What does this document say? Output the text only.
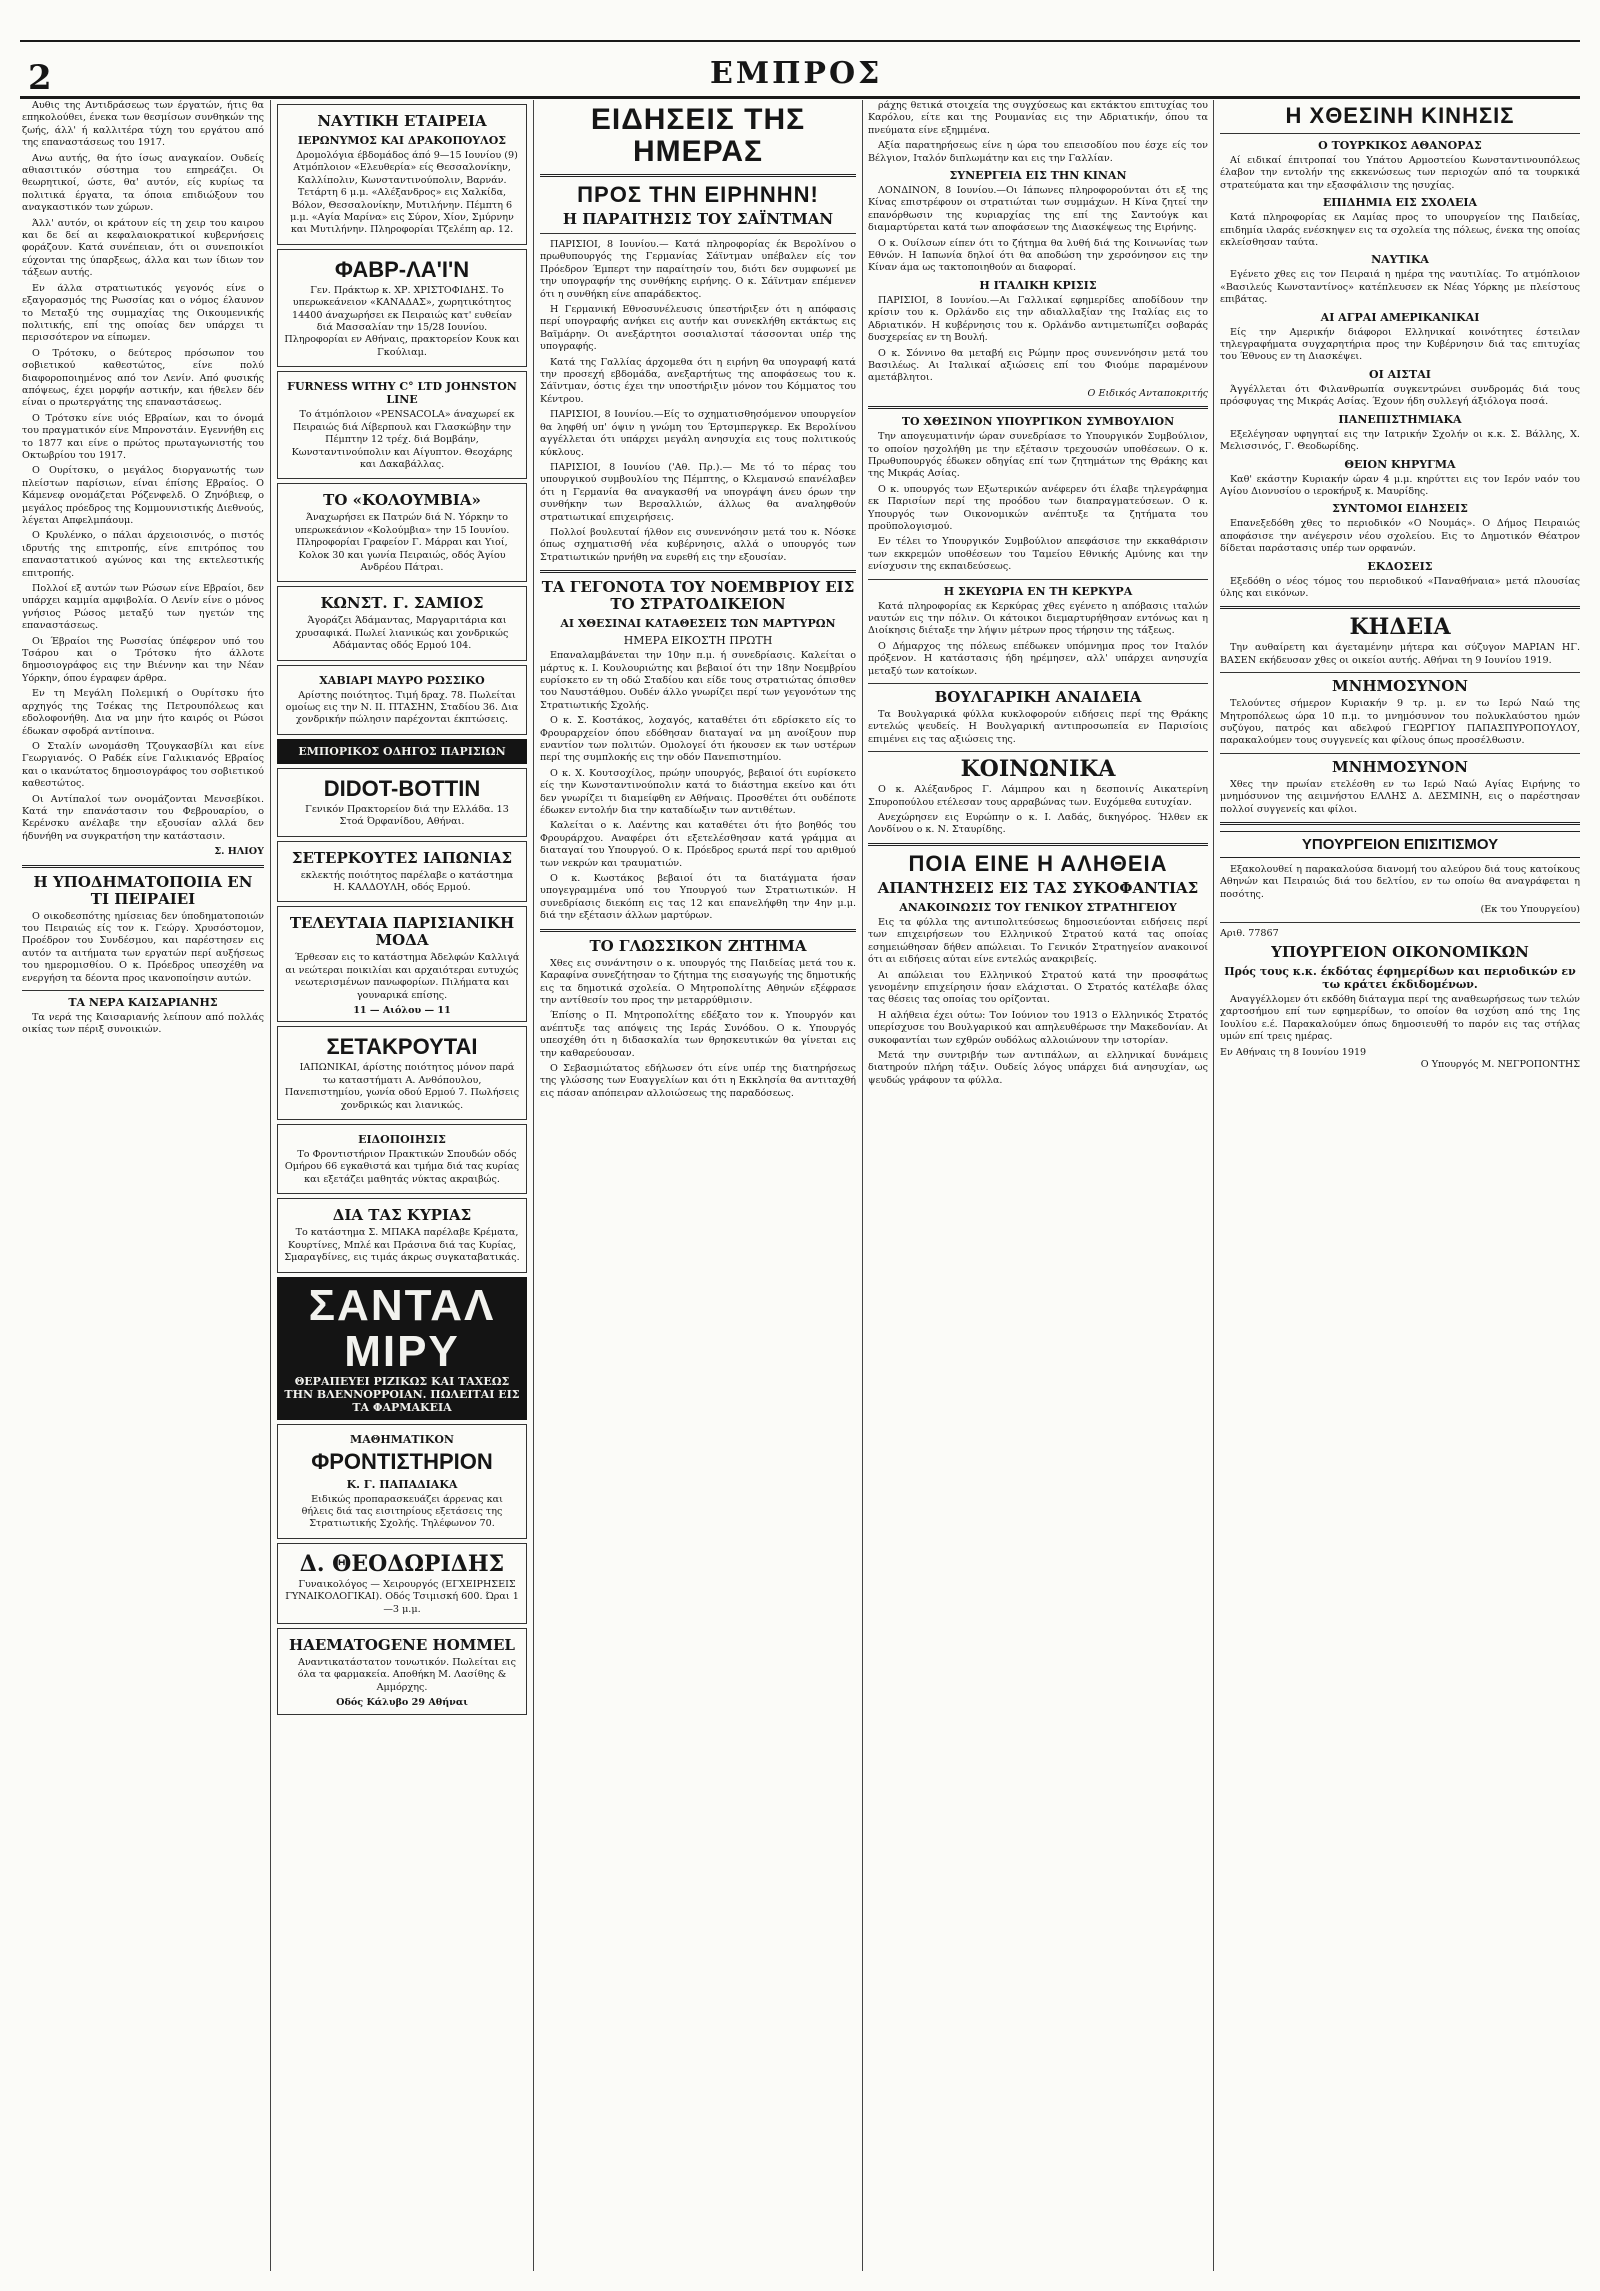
2	ΕΜΠΡΟΣ

Αυθις της Αντιδράσεως των έργατών, ήτις θα επηκολούθει, ένεκα των θεσμίσων συνθηκών της ζωής, άλλ' ή καλλιτέρα τύχη του εργάτου από της επαναστάσεως του 1917.

Ανω αυτής, θα ήτο ίσως αναγκαίον. Ουδείς αθιασιτικόν σύστημα του επηρεάζει. Οι θεωρητικοί, ώστε, θα' αυτόν, είς κυρίως τα πολιτικά έργατα, τα όποια επιδιώξουν του αναγκαστικόν των χώρων.

Άλλ' αυτόν, οι κράτουν είς τη χειρ του καιρου και δε δεί αι κεφαλαιοκρατικοί κυβερνήσεις φοράζουν. Κατά συνέπειαν, ότι οι συνεποικίοι εύχονται της ύπαρξεως, άλλα και των ίδιων τον τάξεων αυτής.

Εν άλλα στρατιωτικός γεγονός είνε ο εξαγορασμός της Ρωσσίας και ο νόμος έλαυνον το Μεταξύ της συμμαχίας της Οικουμενικής πολιτικής, επί της οποίας δεν υπάρχει τι περισσότερον να είπωμεν.

Ο Τρότσκυ, ο δεύτερος πρόσωπον του σοβιετικού καθεστώτος, είνε πολύ διαφοροποιημένος από τον Λενίν. Από φυσικής απόψεως, έχει μορφήν αστικήν, και ήθελεν δέν είναι ο πρωτεργάτης της επαναστάσεως.

Ο Τρότσκυ είνε υιός Εβραίων, και το όνομά του πραγματικόν είνε Μπρονστάιν. Εγεννήθη εις το 1877 και είνε ο πρώτος πρωταγωνιστής του Οκτωβρίου του 1917.

Ο Ουρίτσκυ, ο μεγάλος διοργανωτής των πλείστων παρίσιων, είναι έπίσης Εβραίος. Ο Κάμενεφ ονομάζεται Ρόζενφελδ. Ο Ζηνόβιεφ, ο μεγάλος πρόεδρος της Κομμουνιστικής Διεθνούς, λέγεται Απφελμπάουμ.

Ο Κρυλένκο, ο πάλαι άρχειοισινός, ο πιστός ιδρυτής της επιτροπής, είνε επιτρόπος του επαναστατικού αγώνος και της εκτελεστικής επιτροπής.

Πολλοί εξ αυτών των Ρώσων είνε Εβραίοι, δεν υπάρχει καμμία αμφιβολία. Ο Λενίν είνε ο μόνος γνήσιος Ρώσος μεταξύ των ηγετών της επαναστάσεως.

Οι Έβραίοι της Ρωσσίας ύπέφερον υπό του Τσάρου και ο Τρότσκυ ήτο άλλοτε δημοσιογράφος εις την Βιέννην και την Νέαν Υόρκην, όπου έγραφεν άρθρα.

Εν τη Μεγάλη Πολεμική ο Ουρίτσκυ ήτο αρχηγός της Τσέκας της Πετρουπόλεως και εδολοφονήθη. Δια να μην ήτο καιρός οι Ρώσοι έδωκαν σφοδρά αντίποινα.

Ο Σταλίν ωνομάσθη Τζουγκασβίλι και είνε Γεωργιανός. Ο Ραδέκ είνε Γαλικιανός Εβραίος και ο ικανώτατος δημοσιογράφος του σοβιετικού καθεστώτος.

Οι Αντίπαλοί των ονομάζονται Μενσεβίκοι. Κατά την επανάστασιν του Φεβρουαρίου, ο Κερένσκυ ανέλαβε την εξουσίαν αλλά δεν ήδυνήθη να συγκρατήση την κατάστασιν.

Σ. ΗΛΙΟΥ
Η ΥΠΟΔΗΜΑΤΟΠΟΙΙΑ ΕΝ ΤΙ ΠΕΙΡΑΙΕΙ

Ο οικοδεσπότης ημίσειας δεν ύποδηματοποιών του Πειραιώς είς τον κ. Γεώργ. Χρυσόστομον, Προέδρον του Συνδέσμου, και παρέστησεν εις αυτόν τα αιτήματα των εργατών περί αυξήσεως του ημερομισθίου. Ο κ. Πρόεδρος υπεσχέθη να ενεργήση τα δέοντα προς ικανοποίησιν αυτών.

ΤΑ ΝΕΡΑ ΚΑΙΣΑΡΙΑΝΗΣ

Τα νερά της Καισαριανής λείπουν από πολλάς οικίας των πέριξ συνοικιών.

ΝΑΥΤΙΚΗ ΕΤΑΙΡΕΙΑ
ΙΕΡΩΝΥΜΟΣ ΚΑΙ ΔΡΑΚΟΠΟΥΛΟΣ

Δρομολόγια έβδομάδος άπό 9—15 Ιουνίου (9) Ατμόπλοιον «Ελευθερία» είς Θεσσαλονίκην, Καλλίπολιν, Κωνσταντινούπολιν, Βαρνάν. Τετάρτη 6 μ.μ. «Αλέξανδρος» εις Χαλκίδα, Βόλον, Θεσσαλονίκην, Μυτιλήνην. Πέμπτη 6 μ.μ. «Αγία Μαρίνα» εις Σύρον, Χίον, Σμύρνην και Μυτιλήνην. Πληροφορίαι Τζελέπη αρ. 12.

ΦΑΒΡ-ΛΑ'Ι'Ν

Γεν. Πράκτωρ κ. ΧΡ. ΧΡΙΣΤΟΦΙΔΗΣ. Το υπερωκεάνειον «ΚΑΝΑΔΑΣ», χωρητικότητος 14400 άναχωρήσει εκ Πειραιώς κατ' ευθείαν διά Μασσαλίαν την 15/28 Ιουνίου. Πληροφορίαι εν Αθήναις, πρακτορείον Κουκ και Γκούλιαμ.

FURNESS WITHY C° LTD JOHNSTON LINE

Το άτμόπλοιον «PENSACOLA» άναχωρεί εκ Πειραιώς διά Λίβερπουλ και Γλασκώβην την Πέμπτην 12 τρέχ. διά Βομβάην, Κωνσταντινούπολιν και Αίγυπτον. Θεοχάρης και Δακαβάλλας.

ΤΟ «ΚΟΛΟΥΜΒΙΑ»

Άναχωρήσει εκ Πατρών διά Ν. Υόρκην το υπερωκεάνιον «Κολούμβια» την 15 Ιουνίου. Πληροφορίαι Γραφείον Γ. Μάρραι και Υιοί, Κολοκ 30 και γωνία Πειραιώς, οδός Άγίου Ανδρέου Πάτραι.

ΚΩΝΣΤ. Γ. ΣΑΜΙΟΣ

Άγοράζει Άδάμαντας, Μαργαριτάρια και χρυσαφικά. Πωλεί λιανικώς και χονδρικώς Αδάμαντας οδός Ερμού 104.

ΧΑΒΙΑΡΙ ΜΑΥΡΟ ΡΩΣΣΙΚΟ

Αρίστης ποιότητος. Τιμή δραχ. 78. Πωλείται ομοίως εις την Ν. ΙΙ. ΠΤΑΣΗΝ, Σταδίου 36. Δια χονδρικήν πώλησιν παρέχονται έκπτώσεις.

ΕΜΠΟΡΙΚΟΣ ΟΔΗΓΟΣ ΠΑΡΙΣΙΩΝ
DIDOT-BOTTIN

Γενικόν Πρακτορείον διά την Ελλάδα. 13 Στοά Όρφανίδου, Αθήναι.

ΣΕΤΕΡΚΟΥΤΕΣ ΙΑΠΩΝΙΑΣ

εκλεκτής ποιότητος παρέλαβε ο κατάστημα Η. ΚΑΛΔΟΥΛΗ, οδός Ερμού.

ΤΕΛΕΥΤΑΙΑ ΠΑΡΙΣΙΑΝΙΚΗ ΜΟΔΑ

Έρθεσαν εις το κατάστημα Άδελφών Καλλιγά αι νεώτεραι ποικιλίαι και αρχαιότεραι ευτυχώς νεωτερισμένων πανωφορίων. Πιλήματα και γουναρικά επίσης.

11 — Αιόλου — 11
ΣΕΤΑΚΡΟΥΤΑΙ

ΙΑΠΩΝΙΚΑΙ, άρίστης ποιότητος μόνον παρά τω καταστήματι Α. Ανθόπουλου, Πανεπιστημίου, γωνία οδού Ερμού 7. Πωλήσεις χονδρικώς και λιανικώς.

ΕΙΔΟΠΟΙΗΣΙΣ

Το Φροντιστήριον Πρακτικών Σπουδών οδός Ομήρου 66 εγκαθιστά και τμήμα διά τας κυρίας και εξετάζει μαθητάς νύκτας ακραιβώς.

ΔΙΑ ΤΑΣ ΚΥΡΙΑΣ

Το κατάστημα Σ. ΜΠΑΚΑ παρέλαβε Κρέματα, Κουρτίνες, Μπλέ και Πράσινα διά τας Κυρίας, Σμαραγδίνες, εις τιμάς άκρως συγκαταβατικάς.

ΣΑΝΤΑΛ ΜΙΡΥ
ΘΕΡΑΠΕΥΕΙ ΡΙΖΙΚΩΣ ΚΑΙ ΤΑΧΕΩΣ ΤΗΝ ΒΛΕΝΝΟΡΡΟΙΑΝ. ΠΩΛΕΙΤΑΙ ΕΙΣ ΤΑ ΦΑΡΜΑΚΕΙΑ
ΜΑΘΗΜΑΤΙΚΟΝ
ΦΡΟΝΤΙΣΤΗΡΙΟΝ
Κ. Γ. ΠΑΠΑΔΙΑΚΑ

Ειδικώς προπαρασκευάζει άρρενας και θήλεις διά τας εισιτηρίους εξετάσεις της Στρατιωτικής Σχολής. Τηλέφωνον 70.

Δ. ΘΕΟΔΩΡΙΔΗΣ

Γυναικολόγος — Χειρουργός (ΕΓΧΕΙΡΗΣΕΙΣ ΓΥΝΑΙΚΟΛΟΓΙΚΑΙ). Οδός Τσιμισκή 600. Ώραι 1—3 μ.μ.

HAEMATOGENE HOMMEL

Αναντικατάστατον τονωτικόν. Πωλείται εις όλα τα φαρμακεία. Αποθήκη Μ. Λασίθης & Αμμόρχης.

Οδός Κάλυβο 29 Αθήναι
ΕΙΔΗΣΕΙΣ ΤΗΣ ΗΜΕΡΑΣ
ΠΡΟΣ ΤΗΝ ΕΙΡΗΝΗΝ!
Η ΠΑΡΑΙΤΗΣΙΣ ΤΟΥ ΣΑΪΝΤΜΑΝ

ΠΑΡΙΣΙΟΙ, 8 Ιουνίου.— Κατά πληροφορίας έκ Βερολίνου ο πρωθυπουργός της Γερμανίας Σάϊντμαν υπέβαλεν είς τον Πρόεδρον Έμπερτ την παραίτησίν του, διότι δεν συμφωνεί με την υπογραφήν της συνθήκης ειρήνης. Ο κ. Σάϊντμαν επέμενεν ότι η συνθήκη είνε απαράδεκτος.

Η Γερμανική Εθνοσυνέλευσις ύπεστήριξεν ότι η απόφασις περί υπογραφής ανήκει εις αυτήν και συνεκλήθη εκτάκτως εις Βαϊμάρην. Οι ανεξάρτητοι σοσιαλισταί τάσσονται υπέρ της υπογραφής.

Κατά της Γαλλίας άρχομεθα ότι η ειρήνη θα υπογραφή κατά την προσεχή εβδομάδα, ανεξαρτήτως της αποφάσεως του κ. Σάϊντμαν, όστις έχει την υποστήριξιν μόνον του Κόμματος του Κέντρου.

ΠΑΡΙΣΙΟΙ, 8 Ιουνίου.—Είς το σχηματισθησόμενον υπουργείον θα ληφθή υπ' όψιν η γνώμη του Έρτσμπεργκερ. Εκ Βερολίνου αγγέλλεται ότι υπάρχει μεγάλη ανησυχία εις τους πολιτικούς κύκλους.

ΠΑΡΙΣΙΟΙ, 8 Ιουνίου ('Αθ. Πρ.).— Με τό το πέρας του υπουργικού συμβουλίου της Πέμπτης, ο Κλεμανσώ επανέλαβεν ότι η Γερμανία θα αναγκασθή να υπογράψη άνευ όρων την συνθήκην των Βερσαλλιών, άλλως θα αναληφθούν στρατιωτικαί επιχειρήσεις.

Πολλοί βουλευταί ήλθον εις συνεννόησιν μετά του κ. Νόσκε όπως σχηματισθή νέα κυβέρνησις, αλλά ο υπουργός των Στρατιωτικών ηρνήθη να ευρεθή εις την εξουσίαν.

ΤΑ ΓΕΓΟΝΟΤΑ ΤΟΥ ΝΟΕΜΒΡΙΟΥ ΕΙΣ ΤΟ ΣΤΡΑΤΟΔΙΚΕΙΟΝ
ΑΙ ΧΘΕΣΙΝΑΙ ΚΑΤΑΘΕΣΕΙΣ ΤΩΝ ΜΑΡΤΥΡΩΝ
ΗΜΕΡΑ ΕΙΚΟΣΤΗ ΠΡΩΤΗ

Επαναλαμβάνεται την 10ην π.μ. ή συνεδρίασις. Καλείται ο μάρτυς κ. Ι. Κουλουριώτης και βεβαιοί ότι την 18ην Νοεμβρίου ευρίσκετο εν τη οδώ Σταδίου και είδε τους στρατιώτας όπισθεν του Ναυστάθμου. Ουδέν άλλο γνωρίζει περί των γεγονότων της Στρατιωτικής Σχολής.

Ο κ. Σ. Κοστάκος, λοχαγός, καταθέτει ότι εδρίσκετο είς το Φρουραρχείον όπου εδόθησαν διαταγαί να μη ανοίξουν πυρ εναντίον των πολιτών. Ομολογεί ότι ήκουσεν εκ των υστέρων περί της συμπλοκής εις την οδόν Πανεπιστημίου.

Ο κ. Χ. Κουτσοχίλος, πρώην υπουργός, βεβαιοί ότι ευρίσκετο είς την Κωνσταντινούπολιν κατά το διάστημα εκείνο και ότι δεν γνωρίζει τι διαμείφθη εν Αθήναις. Προσθέτει ότι ουδέποτε έδωκεν εντολήν δια την καταδίωξιν των αντιθέτων.

Καλείται ο κ. Λαέντης και καταθέτει ότι ήτο βοηθός του Φρουράρχου. Αναφέρει ότι εξετελέσθησαν κατά γράμμα αι διαταγαί του Υπουργού. Ο κ. Πρόεδρος ερωτά περί του αριθμού των νεκρών και τραυματιών.

Ο κ. Κωστάκος βεβαιοί ότι τα διατάγματα ήσαν υπογεγραμμένα υπό του Υπουργού των Στρατιωτικών. Η συνεδρίασις διεκόπη εις τας 12 και επανελήφθη την 4ην μ.μ. διά την εξέτασιν άλλων μαρτύρων.

ΤΟ ΓΛΩΣΣΙΚΟΝ ΖΗΤΗΜΑ

Χθες εις συνάντησιν ο κ. υπουργός της Παιδείας μετά του κ. Καραφίνα συνεζήτησαν το ζήτημα της εισαγωγής της δημοτικής εις τα δημοτικά σχολεία. Ο Μητροπολίτης Αθηνών εξέφρασε την αντίθεσίν του προς την μεταρρύθμισιν.

Έπίσης ο Π. Μητροπολίτης εδέξατο τον κ. Υπουργόν και ανέπτυξε τας απόψεις της Ιεράς Συνόδου. Ο κ. Υπουργός υπεσχέθη ότι η διδασκαλία των θρησκευτικών θα γίνεται εις την καθαρεύουσαν.

Ο Σεβασμιώτατος εδήλωσεν ότι είνε υπέρ της διατηρήσεως της γλώσσης των Ευαγγελίων και ότι η Εκκλησία θα αντιταχθή εις πάσαν απόπειραν αλλοιώσεως της παραδόσεως.

ράχης θετικά στοιχεία της συγχύσεως και εκτάκτου επιτυχίας του Καρόλου, είτε και της Ρουμανίας εις την Αδριατικήν, όπου τα πνεύματα είνε εξημμένα.

Αξία παρατηρήσεως είνε η ώρα του επεισοδίου που έσχε είς τον Βέλγιον, Ιταλόν διπλωμάτην και εις την Γαλλίαν.

ΣΥΝΕΡΓΕΙΑ ΕΙΣ ΤΗΝ ΚΙΝΑΝ

ΛΟΝΔΙΝΟΝ, 8 Ιουνίου.—Οι Ιάπωνες πληροφορούνται ότι εξ της Κίνας επιστρέφουν οι στρατιώται των συμμάχων. Η Κίνα ζητεί την επανόρθωσιν της κυριαρχίας της επί της Σαντούγκ και διαμαρτύρεται κατά των αποφάσεων της Διασκέψεως της Ειρήνης.

Ο κ. Ουίλσων είπεν ότι το ζήτημα θα λυθή διά της Κοινωνίας των Εθνών. Η Ιαπωνία δηλοί ότι θα αποδώση την χερσόνησον εις την Κίναν άμα ως τακτοποιηθούν αι διαφοραί.

Η ΙΤΑΛΙΚΗ ΚΡΙΣΙΣ

ΠΑΡΙΣΙΟΙ, 8 Ιουνίου.—Αι Γαλλικαί εφημερίδες αποδίδουν την κρίσιν του κ. Ορλάνδο εις την αδιαλλαξίαν της Ιταλίας εις το Αδριατικόν. Η κυβέρνησις του κ. Ορλάνδο αντιμετωπίζει σοβαράς δυσχερείας εν τη Βουλή.

Ο κ. Σόννινο θα μεταβή εις Ρώμην προς συνεννόησιν μετά του Βασιλέως. Αι Ιταλικαί αξιώσεις επί του Φιούμε παραμένουν αμετάβλητοι.

Ο Ειδικός Ανταποκριτής
ΤΟ ΧΘΕΣΙΝΟΝ ΥΠΟΥΡΓΙΚΟΝ ΣΥΜΒΟΥΛΙΟΝ

Την απογευματινήν ώραν συνεδρίασε το Υπουργικόν Συμβούλιον, το οποίον ησχολήθη με την εξέτασιν τρεχουσών υποθέσεων. Ο κ. Πρωθυπουργός έδωκεν οδηγίας επί των ζητημάτων της Θράκης και της Μικράς Ασίας.

Ο κ. υπουργός των Εξωτερικών ανέφερεν ότι έλαβε τηλεγράφημα εκ Παρισίων περί της προόδου των διαπραγματεύσεων. Ο κ. Υπουργός των Οικονομικών ανέπτυξε τα ζητήματα του προϋπολογισμού.

Εν τέλει το Υπουργικόν Συμβούλιον απεφάσισε την εκκαθάρισιν των εκκρεμών υποθέσεων του Ταμείου Εθνικής Αμύνης και την ενίσχυσιν της εκπαιδεύσεως.

Η ΣΚΕΥΩΡΙΑ ΕΝ ΤΗ ΚΕΡΚΥΡΑ

Κατά πληροφορίας εκ Κερκύρας χθες εγένετο η απόβασις ιταλών ναυτών εις την πόλιν. Οι κάτοικοι διεμαρτυρήθησαν εντόνως και η Διοίκησις διέταξε την λήψιν μέτρων προς τήρησιν της τάξεως.

Ο Δήμαρχος της πόλεως επέδωκεν υπόμνημα προς τον Ιταλόν πρόξενον. Η κατάστασις ήδη ηρέμησεν, αλλ' υπάρχει ανησυχία μεταξύ των κατοίκων.

ΒΟΥΛΓΑΡΙΚΗ ΑΝΑΙΔΕΙΑ

Τα Βουλγαρικά φύλλα κυκλοφορούν ειδήσεις περί της Θράκης εντελώς ψευδείς. Η Βουλγαρική αντιπροσωπεία εν Παρισίοις επιμένει εις τας αξιώσεις της.

ΚΟΙΝΩΝΙΚΑ

Ο κ. Αλέξανδρος Γ. Λάμπρου και η δεσποινίς Αικατερίνη Σπυροπούλου ετέλεσαν τους αρραβώνας των. Ευχόμεθα ευτυχίαν.

Ανεχώρησεν εις Ευρώπην ο κ. Ι. Λαδάς, δικηγόρος. Ήλθεν εκ Λονδίνου ο κ. Ν. Σταυρίδης.

ΠΟΙΑ ΕΙΝΕ Η ΑΛΗΘΕΙΑ
ΑΠΑΝΤΗΣΕΙΣ ΕΙΣ ΤΑΣ ΣΥΚΟΦΑΝΤΙΑΣ
ΑΝΑΚΟΙΝΩΣΙΣ ΤΟΥ ΓΕΝΙΚΟΥ ΣΤΡΑΤΗΓΕΙΟΥ

Εις τα φύλλα της αντιπολιτεύσεως δημοσιεύονται ειδήσεις περί των επιχειρήσεων του Ελληνικού Στρατού κατά τας οποίας εσημειώθησαν δήθεν απώλειαι. Το Γενικόν Στρατηγείον ανακοινοί ότι αι ειδήσεις αύται είνε εντελώς ανακριβείς.

Αι απώλειαι του Ελληνικού Στρατού κατά την προσφάτως γενομένην επιχείρησιν ήσαν ελάχισται. Ο Στρατός κατέλαβε όλας τας θέσεις τας οποίας του ορίζονται.

Η αλήθεια έχει ούτω: Τον Ιούνιον του 1913 ο Ελληνικός Στρατός υπερίσχυσε του Βουλγαρικού και απηλευθέρωσε την Μακεδονίαν. Αι συκοφαντίαι των εχθρών ουδόλως αλλοιώνουν την ιστορίαν.

Μετά την συντριβήν των αντιπάλων, αι ελληνικαί δυνάμεις διατηρούν πλήρη τάξιν. Ουδείς λόγος υπάρχει διά ανησυχίαν, ως ψευδώς γράφουν τα φύλλα.

Η ΧΘΕΣΙΝΗ ΚΙΝΗΣΙΣ
Ο ΤΟΥΡΚΙΚΟΣ ΑΘΑΝΟΡΑΣ

Αί ειδικαί έπιτροπαί του Υπάτου Αρμοστείου Κωνσταντινουπόλεως έλαβον την εντολήν της εκκενώσεως των περιοχών από τα τουρκικά στρατεύματα και την εξασφάλισιν της ησυχίας.

ΕΠΙΔΗΜΙΑ ΕΙΣ ΣΧΟΛΕΙΑ

Κατά πληροφορίας εκ Λαμίας προς το υπουργείον της Παιδείας, επιδημία ιλαράς ενέσκηψεν εις τα σχολεία της πόλεως, ένεκα της οποίας εκλείσθησαν ταύτα.

ΝΑΥΤΙΚΑ

Εγένετο χθες εις τον Πειραιά η ημέρα της ναυτιλίας. Το ατμόπλοιον «Βασιλεύς Κωνσταντίνος» κατέπλευσεν εκ Νέας Υόρκης με πλείστους επιβάτας.

ΑΙ ΑΓΡΑΙ ΑΜΕΡΙΚΑΝΙΚΑΙ

Είς την Αμερικήν διάφοροι Ελληνικαί κοινότητες έστειλαν τηλεγραφήματα συγχαρητήρια προς την Κυβέρνησιν διά τας επιτυχίας του Έθνους εν τη Διασκέψει.

ΟΙ ΑΙΣΤΑΙ

Άγγέλλεται ότι Φιλανθρωπία συγκεντρώνει συνδρομάς διά τους πρόσφυγας της Μικράς Ασίας. Έχουν ήδη συλλεγή άξιόλογα ποσά.

ΠΑΝΕΠΙΣΤΗΜΙΑΚΑ

Εξελέγησαν υφηγηταί εις την Ιατρικήν Σχολήν οι κ.κ. Σ. Βάλλης, Χ. Μελισσινός, Γ. Θεοδωρίδης.

ΘΕΙΟΝ ΚΗΡΥΓΜΑ

Καθ' εκάστην Κυριακήν ώραν 4 μ.μ. κηρύττει εις τον Ιερόν ναόν του Αγίου Διονυσίου ο ιεροκήρυξ κ. Μαυρίδης.

ΣΥΝΤΟΜΟΙ ΕΙΔΗΣΕΙΣ

Επανεξεδόθη χθες το περιοδικόν «Ο Νουμάς». Ο Δήμος Πειραιώς αποφάσισε την ανέγερσιν νέου σχολείου. Εις το Δημοτικόν Θέατρον δίδεται παράστασις υπέρ των ορφανών.

ΕΚΔΟΣΕΙΣ

Εξεδόθη ο νέος τόμος του περιοδικού «Παναθήναια» μετά πλουσίας ύλης και εικόνων.

ΚΗΔΕΙΑ

Την αυθαίρετη και άγεταμένην μήτερα και σύζυγον ΜΑΡΙΑΝ ΗΓ. ΒΑΣΕΝ εκήδευσαν χθες οι οικείοι αυτής. Αθήναι τη 9 Ιουνίου 1919.

ΜΝΗΜΟΣΥΝΟΝ

Τελούντες σήμερον Κυριακήν 9 τρ. μ. εν τω Ιερώ Ναώ της Μητροπόλεως ώρα 10 π.μ. το μνημόσυνον του πολυκλαύστου ημών συζύγου, πατρός και αδελφού ΓΕΩΡΓΙΟΥ ΠΑΠΑΣΠΥΡΟΠΟΥΛΟΥ, παρακαλούμεν τους συγγενείς και φίλους όπως προσέλθωσιν.

ΜΝΗΜΟΣΥΝΟΝ

Χθες την πρωίαν ετελέσθη εν τω Ιερώ Ναώ Αγίας Ειρήνης το μνημόσυνον της αειμνήστου ΕΛΛΗΣ Δ. ΔΕΣΜΙΝΗ, εις ο παρέστησαν πολλοί συγγενείς και φίλοι.

ΥΠΟΥΡΓΕΙΟΝ ΕΠΙΣΙΤΙΣΜΟΥ

Εξακολουθεί η παρακαλούσα διανομή του αλεύρου διά τους κατοίκους Αθηνών και Πειραιώς διά του δελτίου, εν τω οποίω θα αναγράφεται η ποσότης.

(Εκ του Υπουργείου)
Αριθ. 77867
ΥΠΟΥΡΓΕΙΟΝ ΟΙΚΟΝΟΜΙΚΩΝ
Πρός τους κ.κ. έκδότας έφημερίδων και περιοδικών εν τω κράτει έκδιδομένων.

Αναγγέλλομεν ότι εκδόθη διάταγμα περί της αναθεωρήσεως των τελών χαρτοσήμου επί των εφημερίδων, το οποίον θα ισχύση από της 1ης Ιουλίου ε.έ. Παρακαλούμεν όπως δημοσιευθή το παρόν εις τας στήλας υμών επί τρεις ημέρας.

Εν Αθήναις τη 8 Ιουνίου 1919
Ο Υπουργός Μ. ΝΕΓΡΟΠΟΝΤΗΣ
